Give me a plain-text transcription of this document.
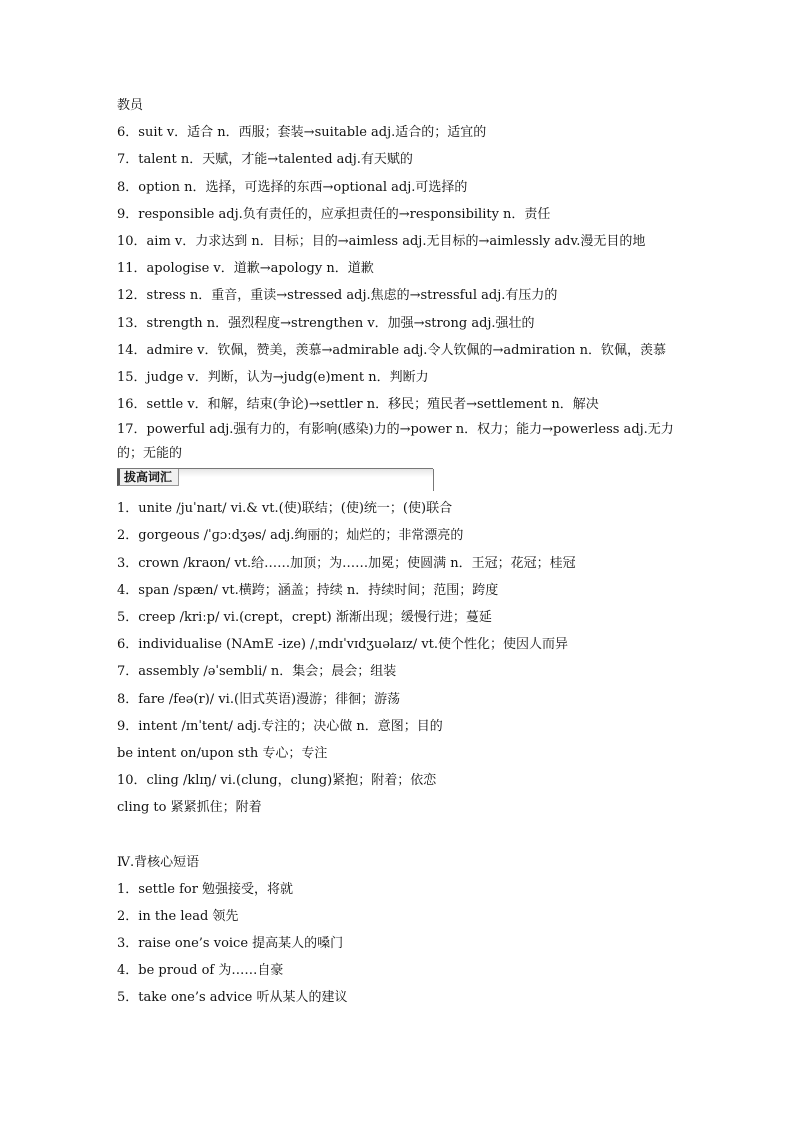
教员
6．suit v．适合 n．西服；套装→suitable adj.适合的；适宜的
7．talent n．天赋，才能→talented adj.有天赋的
8．option n．选择，可选择的东西→optional adj.可选择的
9．responsible adj.负有责任的，应承担责任的→responsibility n．责任
10．aim v．力求达到 n．目标；目的→aimless adj.无目标的→aimlessly adv.漫无目的地
11．apologise v．道歉→apology n．道歉
12．stress n．重音，重读→stressed adj.焦虑的→stressful adj.有压力的
13．strength n．强烈程度→strengthen v．加强→strong adj.强壮的
14．admire v．钦佩，赞美，羡慕→admirable adj.令人钦佩的→admiration n．钦佩，羡慕
15．judge v．判断，认为→judg(e)ment n．判断力
16．settle v．和解，结束(争论)→settler n．移民；殖民者→settlement n．解决
17．powerful adj.强有力的，有影响(感染)力的→power n．权力；能力→powerless adj.无力的；无能的
拔高词汇
1．unite /juˈnaɪt/ vi.& vt.(使)联结；(使)统一；(使)联合
2．gorgeous /ˈɡɔːdʒəs/ adj.绚丽的；灿烂的；非常漂亮的
3．crown /kraʊn/ vt.给……加顶；为……加冕；使圆满 n．王冠；花冠；桂冠
4．span /spæn/ vt.横跨；涵盖；持续 n．持续时间；范围；跨度
5．creep /kriːp/ vi.(crept，crept) 渐渐出现；缓慢行进；蔓延
6．individualise (NAmE -ize) /ˌɪndɪˈvɪdʒuəlaɪz/ vt.使个性化；使因人而异
7．assembly /əˈsembli/ n．集会；晨会；组装
8．fare /feə(r)/ vi.(旧式英语)漫游；徘徊；游荡
9．intent /ɪnˈtent/ adj.专注的；决心做 n．意图；目的
be intent on/upon sth 专心；专注
10．cling /klɪŋ/ vi.(clung，clung)紧抱；附着；依恋
cling to 紧紧抓住；附着
Ⅳ.背核心短语
1．settle for 勉强接受，将就
2．in the lead 领先
3．raise one’s voice 提高某人的嗓门
4．be proud of 为……自豪
5．take one’s advice 听从某人的建议
